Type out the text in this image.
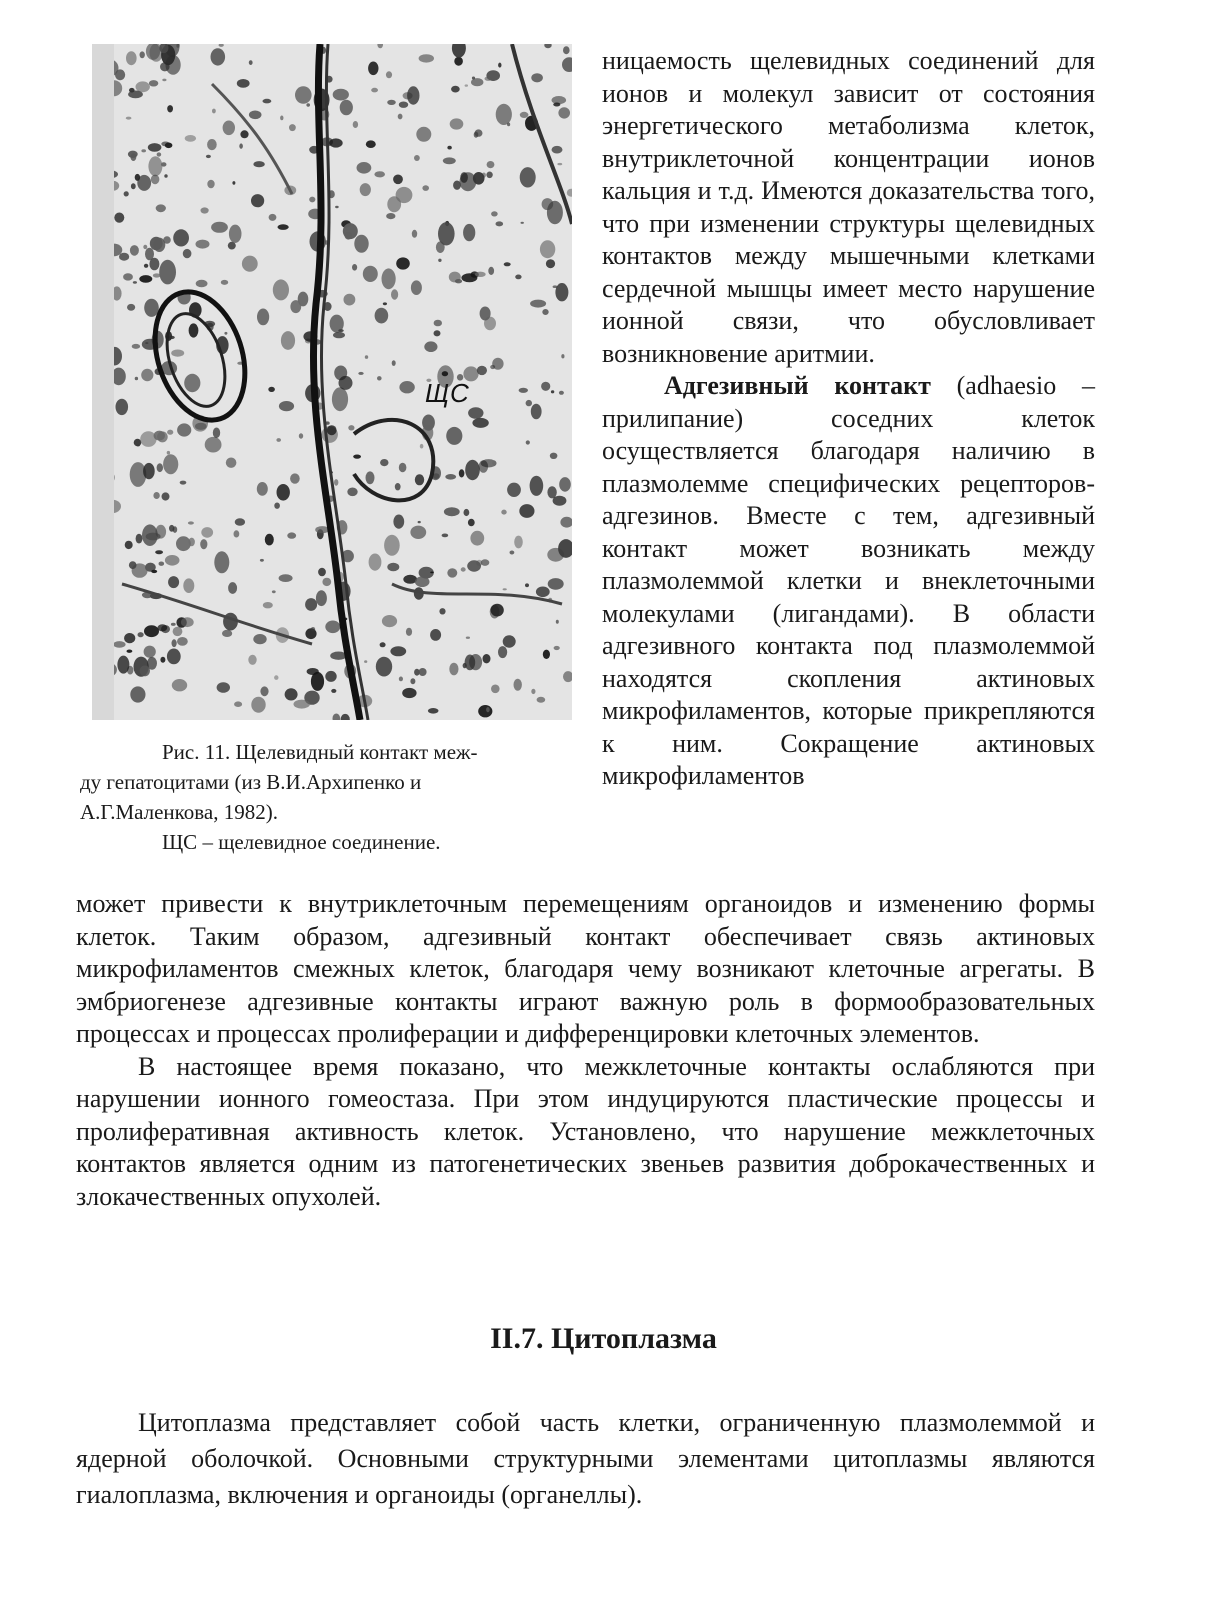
ЩС

Рис. 11. Щелевидный контакт меж-

ду гепатоцитами (из В.И.Архипенко и

А.Г.Маленкова, 1982).

ЩС – щелевидное соединение.

ницаемость щелевидных соединений для ионов и молекул зависит от состояния энергетического метаболизма клеток, внутриклеточной концентрации ионов кальция и т.д. Имеются доказательства того, что при изменении структуры щелевидных контактов между мышечными клетками сердечной мышцы имеет место нарушение ионной связи, что обусловливает возникновение аритмии.

Адгезивный контакт (adhaesio – прилипание) соседних клеток осуществляется благодаря наличию в плазмолемме специфических рецепторов-адгезинов. Вместе с тем, адгезивный контакт может возникать между плазмолеммой клетки и внеклеточными молекулами (лигандами). В области адгезивного контакта под плазмолеммой находятся скопления актиновых микрофиламентов, которые прикрепляются к ним. Сокращение актиновых микрофиламентов

может привести к внутриклеточным перемещениям органоидов и изменению формы клеток. Таким образом, адгезивный контакт обеспечивает связь актиновых микрофиламентов смежных клеток, благодаря чему возникают клеточные агрегаты. В эмбриогенезе адгезивные контакты играют важную роль в формообразовательных процессах и процессах пролиферации и дифференцировки клеточных элементов.

В настоящее время показано, что межклеточные контакты ослабляются при нарушении ионного гомеостаза. При этом индуцируются пластические процессы и пролиферативная активность клеток. Установлено, что нарушение межклеточных контактов является одним из патогенетических звеньев развития доброкачественных и злокачественных опухолей.

II.7. Цитоплазма

Цитоплазма представляет собой часть клетки, ограниченную плазмолеммой и ядерной оболочкой. Основными структурными элементами цитоплазмы являются гиалоплазма, включения и органоиды (органеллы).
